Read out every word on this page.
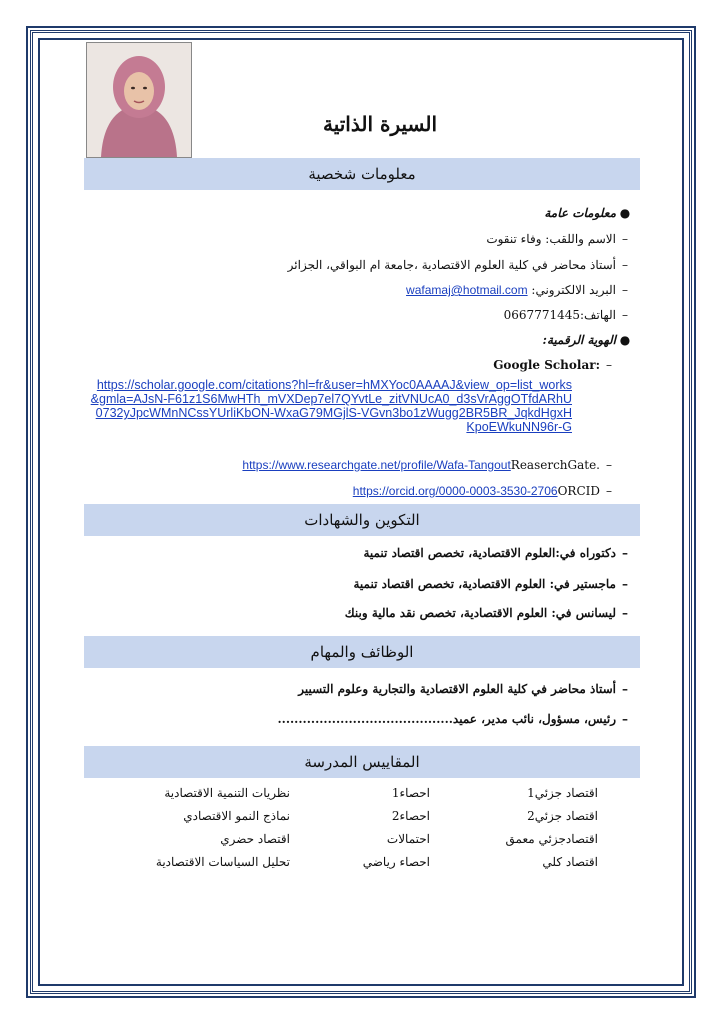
السيرة الذاتية
معلومات شخصية
●معلومات عامة
–الاسم واللقب: وفاء تنقوت
–أستاذ محاضر في كلية العلوم الاقتصادية ،جامعة ام البواقي، الجزائر
–البريد الالكتروني: wafamaj@hotmail.com
–الهاتف:0667771445
●الهوية الرقمية:
–Google Scholar:
https://scholar.google.com/citations?hl=fr&user=hMXYoc0AAAAJ&view_op=list_works&gmla=AJsN-F61z1S6MwHTh_mVXDep7el7QYvtLe_zitVNUcA0_d3sVrAggOTfdARhU0732yJpcWMnNCssYUrliKbON-WxaG79MGjlS-VGvn3bo1zWugg2BR5BR_JqkdHgxHKpoEWkuNN96r-G
–https://www.researchgate.net/profile/Wafa-TangoutReaserchGate.
–https://orcid.org/0000-0003-3530-2706ORCID
التكوين والشهادات
–دكتوراه في:العلوم الاقتصادية، تخصص اقتصاد تنمية
–ماجستير في: العلوم الاقتصادية، تخصص اقتصاد تنمية
–ليسانس في: العلوم الاقتصادية، تخصص نقد مالية وبنك
الوظائف والمهام
–أستاذ محاضر في كلية العلوم الاقتصادية والتجارية وعلوم التسيير
–رئيس، مسؤول، نائب مدير، عميد..........................................
المقاييس المدرسة
اقتصاد جزئي1
احصاء1
نظريات التنمية الاقتصادية
اقتصاد جزئي2
احصاء2
نماذج النمو الاقتصادي
اقتصادجزئي معمق
احتمالات
اقتصاد حضري
اقتصاد كلي
احصاء رياضي
تحليل السياسات الاقتصادية
